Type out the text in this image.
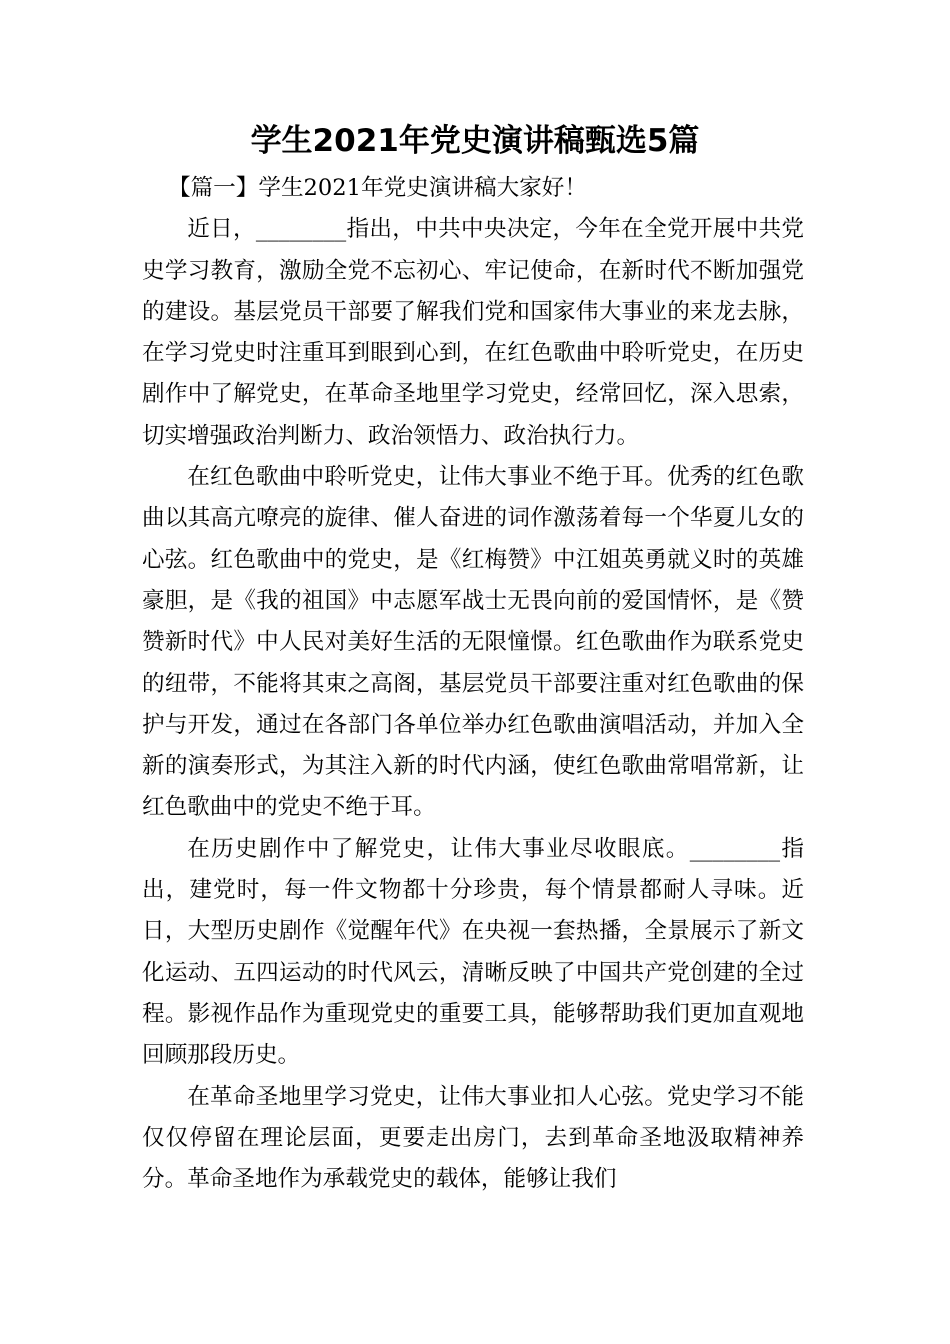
学生2021年党史演讲稿甄选5篇

【篇一】学生2021年党史演讲稿大家好！

近日，________指出，中共中央决定，今年在全党开展中共党史学习教育，激励全党不忘初心、牢记使命，在新时代不断加强党的建设。基层党员干部要了解我们党和国家伟大事业的来龙去脉，在学习党史时注重耳到眼到心到，在红色歌曲中聆听党史，在历史剧作中了解党史，在革命圣地里学习党史，经常回忆，深入思索，切实增强政治判断力、政治领悟力、政治执行力。

在红色歌曲中聆听党史，让伟大事业不绝于耳。优秀的红色歌曲以其高亢嘹亮的旋律、催人奋进的词作激荡着每一个华夏儿女的心弦。红色歌曲中的党史，是《红梅赞》中江姐英勇就义时的英雄豪胆，是《我的祖国》中志愿军战士无畏向前的爱国情怀，是《赞赞新时代》中人民对美好生活的无限憧憬。红色歌曲作为联系党史的纽带，不能将其束之高阁，基层党员干部要注重对红色歌曲的保护与开发，通过在各部门各单位举办红色歌曲演唱活动，并加入全新的演奏形式，为其注入新的时代内涵，使红色歌曲常唱常新，让红色歌曲中的党史不绝于耳。

在历史剧作中了解党史，让伟大事业尽收眼底。________指出，建党时，每一件文物都十分珍贵，每个情景都耐人寻味。近日，大型历史剧作《觉醒年代》在央视一套热播，全景展示了新文化运动、五四运动的时代风云，清晰反映了中国共产党创建的全过程。影视作品作为重现党史的重要工具，能够帮助我们更加直观地回顾那段历史。

在革命圣地里学习党史，让伟大事业扣人心弦。党史学习不能仅仅停留在理论层面，更要走出房门，去到革命圣地汲取精神养分。革命圣地作为承载党史的载体，能够让我们
